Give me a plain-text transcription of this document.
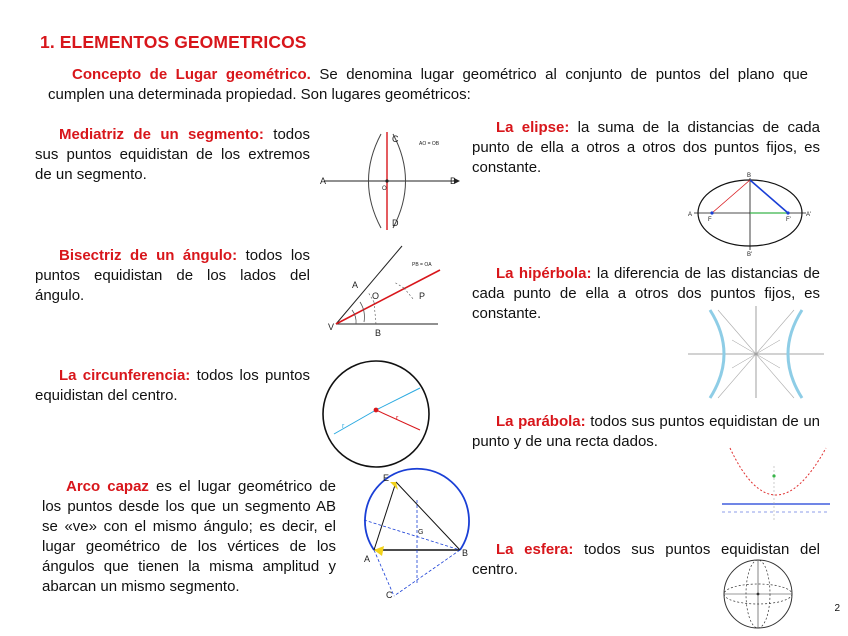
1. ELEMENTOS GEOMETRICOS
Concepto de Lugar geométrico. Se denomina lugar geométrico al conjunto de puntos del plano que cumplen una determinada propiedad. Son lugares geométricos:
Mediatriz de un segmento: todos sus puntos equidistan de los extremos de un segmento.
Bisectriz de un ángulo: todos los puntos equidistan de los lados del ángulo.
La circunferencia: todos los puntos equidistan del centro.
Arco capaz es el lugar geométrico de los puntos desde los que un segmento AB se «ve» con el mismo ángulo; es decir, el lugar geométrico de los vértices de los ángulos que tienen la misma amplitud y abarcan un mismo segmento.
La elipse: la suma de la distancias de cada punto de ella a otros a otros dos puntos fijos, es constante.
La hipérbola: la diferencia de las distancias de cada punto de ella a otros dos puntos fijos, es constante.
La parábola: todos sus puntos equidistan de un punto y de una recta dados.
La esfera: todos sus puntos equidistan del centro.
A	B
C
D
O
AO = OB
V
A
B
O	P
PB = OA
r
r
E
A
B
C
G
A	A'
B
B'
F	F'
2
